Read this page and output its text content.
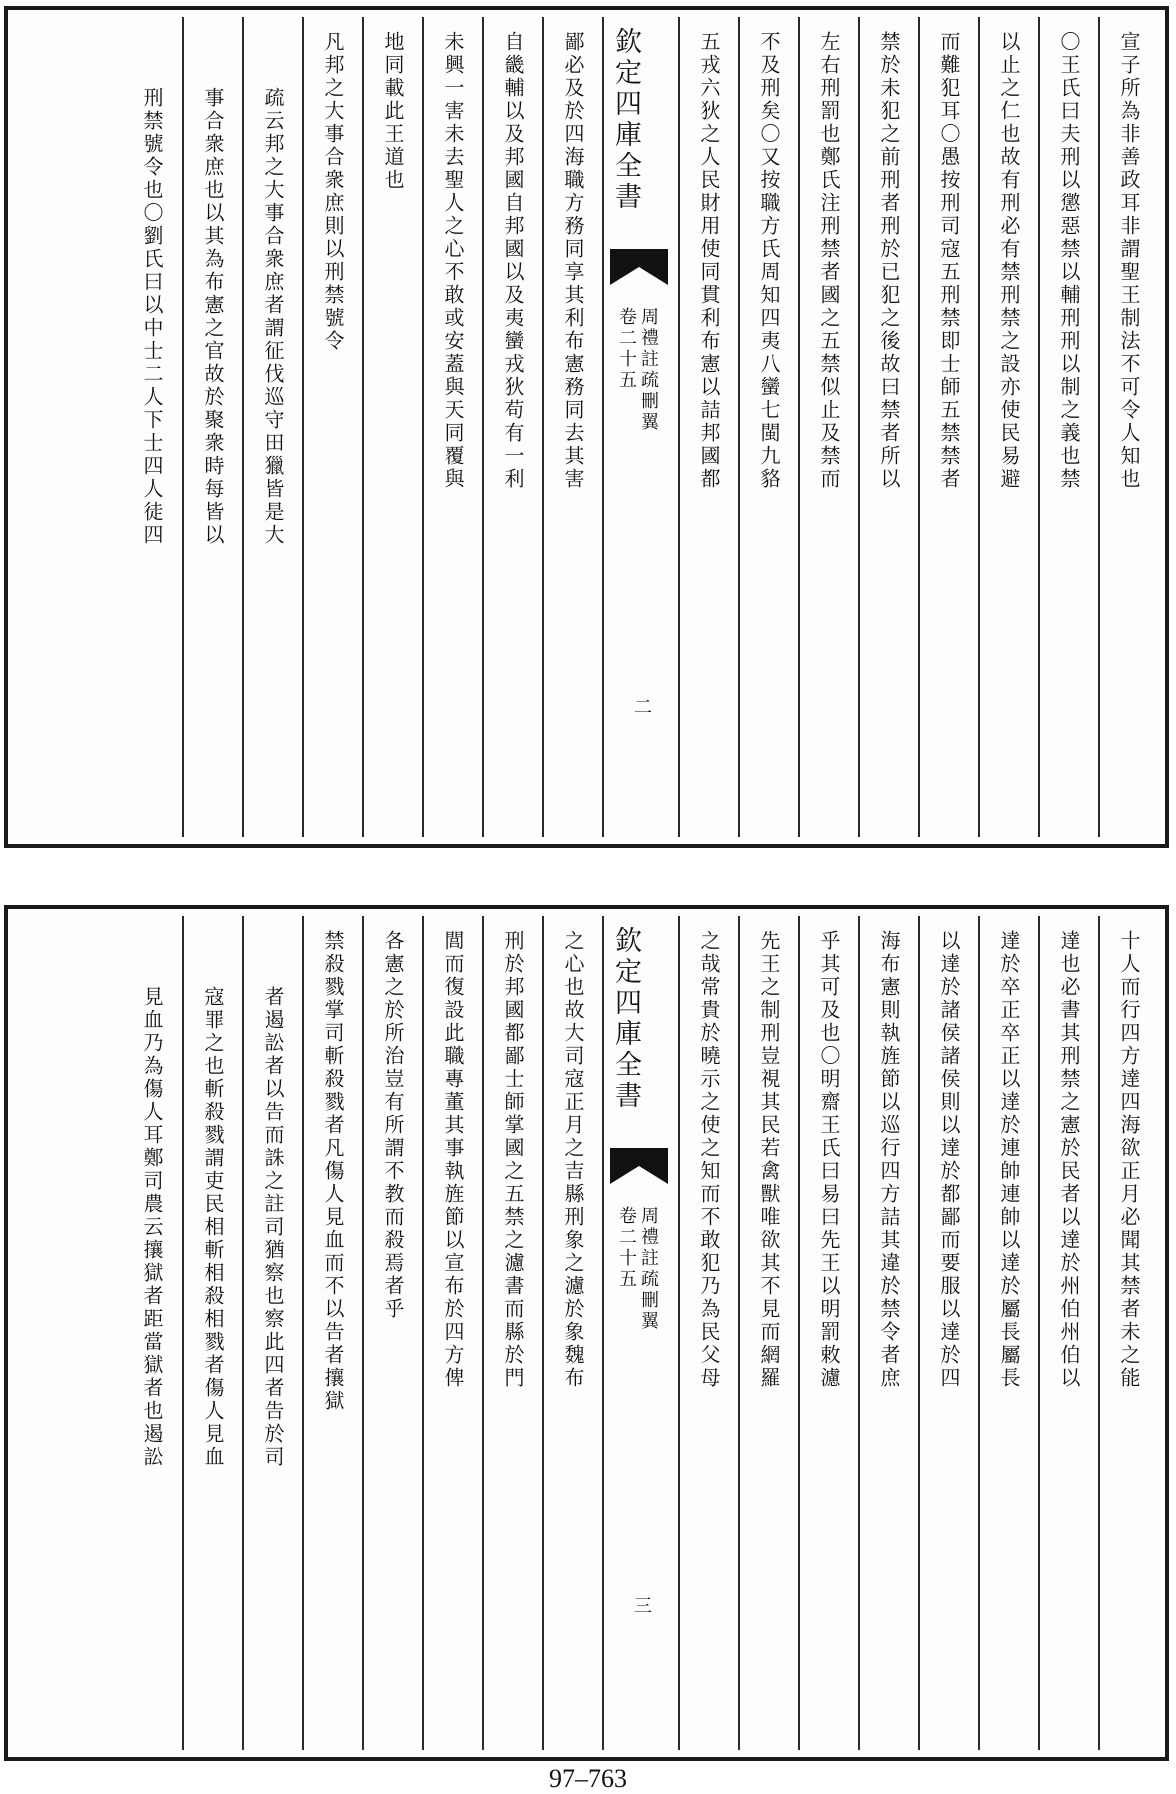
宣子所為非善政耳非謂聖王制法不可令人知也
〇王氏曰夫刑以懲惡禁以輔刑刑以制之義也禁
以止之仁也故有刑必有禁刑禁之設亦使民易避
而難犯耳〇愚按刑司寇五刑禁即士師五禁禁者
禁於未犯之前刑者刑於已犯之後故曰禁者所以
左右刑罰也鄭氏注刑禁者國之五禁似止及禁而
不及刑矣〇又按職方氏周知四夷八蠻七閩九貉
五戎六狄之人民財用使同貫利布憲以詰邦國都
欽定四庫全書
周禮註疏刪翼
卷二十五
二
鄙必及於四海職方務同享其利布憲務同去其害
自畿輔以及邦國自邦國以及夷蠻戎狄苟有一利
未興一害未去聖人之心不敢或安蓋與天同覆與
地同載此王道也
凡邦之大事合衆庶則以刑禁號令
疏云邦之大事合衆庶者謂征伐巡守田獵皆是大
事合衆庶也以其為布憲之官故於聚衆時每皆以
刑禁號令也〇劉氏曰以中士二人下士四人徒四
十人而行四方達四海欲正月必聞其禁者未之能
達也必書其刑禁之憲於民者以達於州伯州伯以
達於卒正卒正以達於連帥連帥以達於屬長屬長
以達於諸侯諸侯則以達於都鄙而要服以達於四
海布憲則執旌節以巡行四方詰其違於禁令者庶
乎其可及也〇明齋王氏曰易曰先王以明罰敕濾
先王之制刑豈視其民若禽獸唯欲其不見而網羅
之哉常貴於曉示之使之知而不敢犯乃為民父母
欽定四庫全書
周禮註疏刪翼
卷二十五
三
之心也故大司寇正月之吉縣刑象之濾於象魏布
刑於邦國都鄙士師掌國之五禁之濾書而縣於門
閭而復設此職專董其事執旌節以宣布於四方俾
各憲之於所治豈有所謂不教而殺焉者乎
禁殺戮掌司斬殺戮者凡傷人見血而不以告者攘獄
者遏訟者以告而誅之註司猶察也察此四者告於司
寇罪之也斬殺戮謂吏民相斬相殺相戮者傷人見血
見血乃為傷人耳鄭司農云攘獄者距當獄者也遏訟
97–763
